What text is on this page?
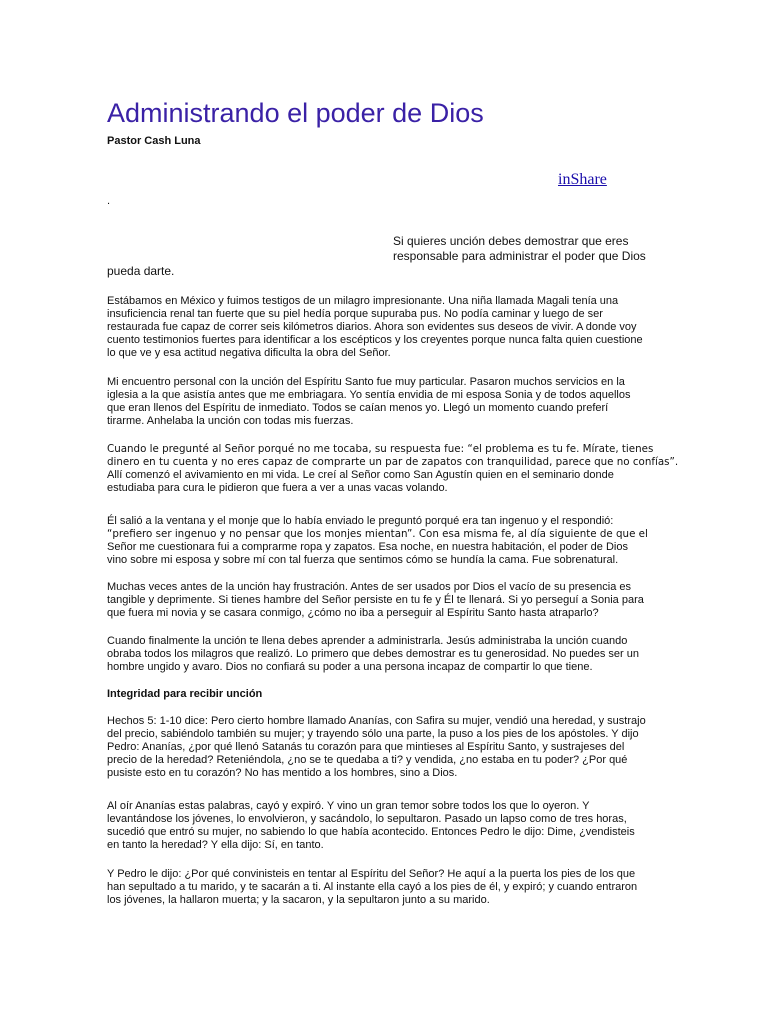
Administrando el poder de Dios
Pastor Cash Luna
inShare
.
Si quieres unción debes demostrar que eres
responsable para administrar el poder que Dios
pueda darte.
Estábamos en México y fuimos testigos de un milagro impresionante. Una niña llamada Magali tenía una
insuficiencia renal tan fuerte que su piel hedía porque supuraba pus. No podía caminar y luego de ser
restaurada fue capaz de correr seis kilómetros diarios. Ahora son evidentes sus deseos de vivir. A donde voy
cuento testimonios fuertes para identificar a los escépticos y los creyentes porque nunca falta quien cuestione
lo que ve y esa actitud negativa dificulta la obra del Señor.
Mi encuentro personal con la unción del Espíritu Santo fue muy particular. Pasaron muchos servicios en la
iglesia a la que asistía antes que me embriagara. Yo sentía envidia de mi esposa Sonia y de todos aquellos
que eran llenos del Espíritu de inmediato. Todos se caían menos yo. Llegó un momento cuando preferí
tirarme. Anhelaba la unción con todas mis fuerzas.
Cuando le pregunté al Señor porqué no me tocaba, su respuesta fue: “el problema es tu fe. Mírate, tienes
dinero en tu cuenta y no eres capaz de comprarte un par de zapatos con tranquilidad, parece que no confías”.
Allí comenzó el avivamiento en mi vida. Le creí al Señor como San Agustín quien en el seminario donde
estudiaba para cura le pidieron que fuera a ver a unas vacas volando.
Él salió a la ventana y el monje que lo había enviado le preguntó porqué era tan ingenuo y el respondió:
“prefiero ser ingenuo y no pensar que los monjes mientan”. Con esa misma fe, al día siguiente de que el
Señor me cuestionara fui a comprarme ropa y zapatos. Esa noche, en nuestra habitación, el poder de Dios
vino sobre mi esposa y sobre mí con tal fuerza que sentimos cómo se hundía la cama. Fue sobrenatural.
Muchas veces antes de la unción hay frustración. Antes de ser usados por Dios el vacío de su presencia es
tangible y deprimente. Si tienes hambre del Señor persiste en tu fe y Él te llenará. Si yo perseguí a Sonia para
que fuera mi novia y se casara conmigo, ¿cómo no iba a perseguir al Espíritu Santo hasta atraparlo?
Cuando finalmente la unción te llena debes aprender a administrarla. Jesús administraba la unción cuando
obraba todos los milagros que realizó. Lo primero que debes demostrar es tu generosidad. No puedes ser un
hombre ungido y avaro. Dios no confiará su poder a una persona incapaz de compartir lo que tiene.
Integridad para recibir unción
Hechos 5: 1-10 dice: Pero cierto hombre llamado Ananías, con Safira su mujer, vendió una heredad, y sustrajo
del precio, sabiéndolo también su mujer; y trayendo sólo una parte, la puso a los pies de los apóstoles. Y dijo
Pedro: Ananías, ¿por qué llenó Satanás tu corazón para que mintieses al Espíritu Santo, y sustrajeses del
precio de la heredad? Reteniéndola, ¿no se te quedaba a ti? y vendida, ¿no estaba en tu poder? ¿Por qué
pusiste esto en tu corazón? No has mentido a los hombres, sino a Dios.
Al oír Ananías estas palabras, cayó y expiró. Y vino un gran temor sobre todos los que lo oyeron. Y
levantándose los jóvenes, lo envolvieron, y sacándolo, lo sepultaron. Pasado un lapso como de tres horas,
sucedió que entró su mujer, no sabiendo lo que había acontecido. Entonces Pedro le dijo: Dime, ¿vendisteis
en tanto la heredad? Y ella dijo: Sí, en tanto.
Y Pedro le dijo: ¿Por qué convinisteis en tentar al Espíritu del Señor? He aquí a la puerta los pies de los que
han sepultado a tu marido, y te sacarán a ti. Al instante ella cayó a los pies de él, y expiró; y cuando entraron
los jóvenes, la hallaron muerta; y la sacaron, y la sepultaron junto a su marido.
